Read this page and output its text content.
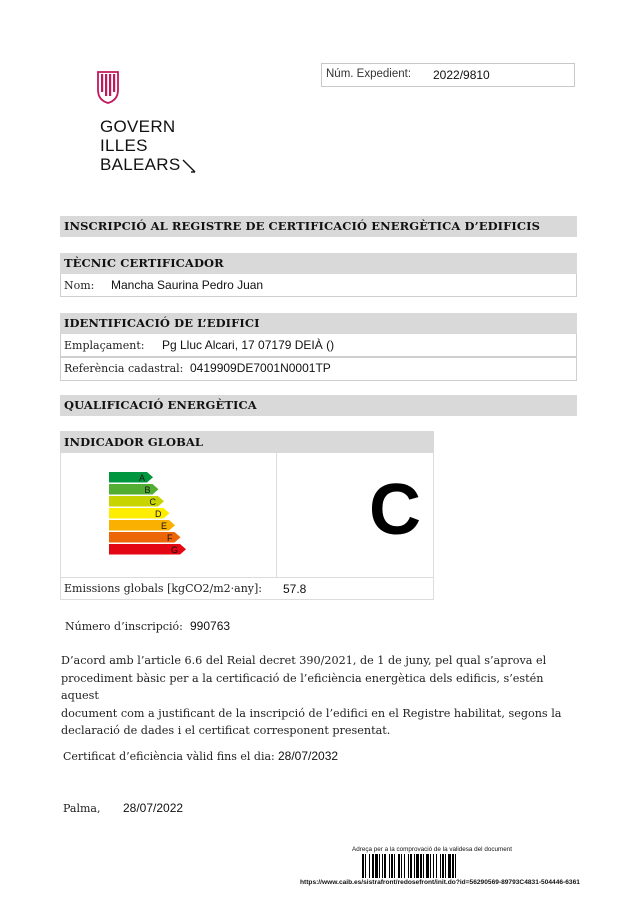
GOVERN
ILLES
BALEARS
Núm. Expedient: 2022/9810
INSCRIPCIÓ AL REGISTRE DE CERTIFICACIÓ ENERGÈTICA D’EDIFICIS
TÈCNIC CERTIFICADOR
Nom: Mancha Saurina Pedro Juan
IDENTIFICACIÓ DE L’EDIFICI
Emplaçament: Pg Lluc Alcari, 17 07179 DEIÀ ()
Referència cadastral: 0419909DE7001N0001TP
QUALIFICACIÓ ENERGÈTICA
INDICADOR GLOBAL
A
B
C
D
E
F
G	C
Emissions globals [kgCO2/m2·any]: 57.8
Número d’inscripció: 990763
D’acord amb l’article 6.6 del Reial decret 390/2021, de 1 de juny, pel qual s’aprova el
procediment bàsic per a la certificació de l’eficiència energètica dels edificis, s’estén aquest
document com a justificant de la inscripció de l’edifici en el Registre habilitat, segons la
declaració de dades i el certificat corresponent presentat.
Certificat d’eficiència vàlid fins el dia: 28/07/2032
Palma, 28/07/2022
Adreça per a la comprovació de la validesa del document
https://www.caib.es/sistrafront/redosefront/init.do?id=56290569-89793C4831-504446-6361
